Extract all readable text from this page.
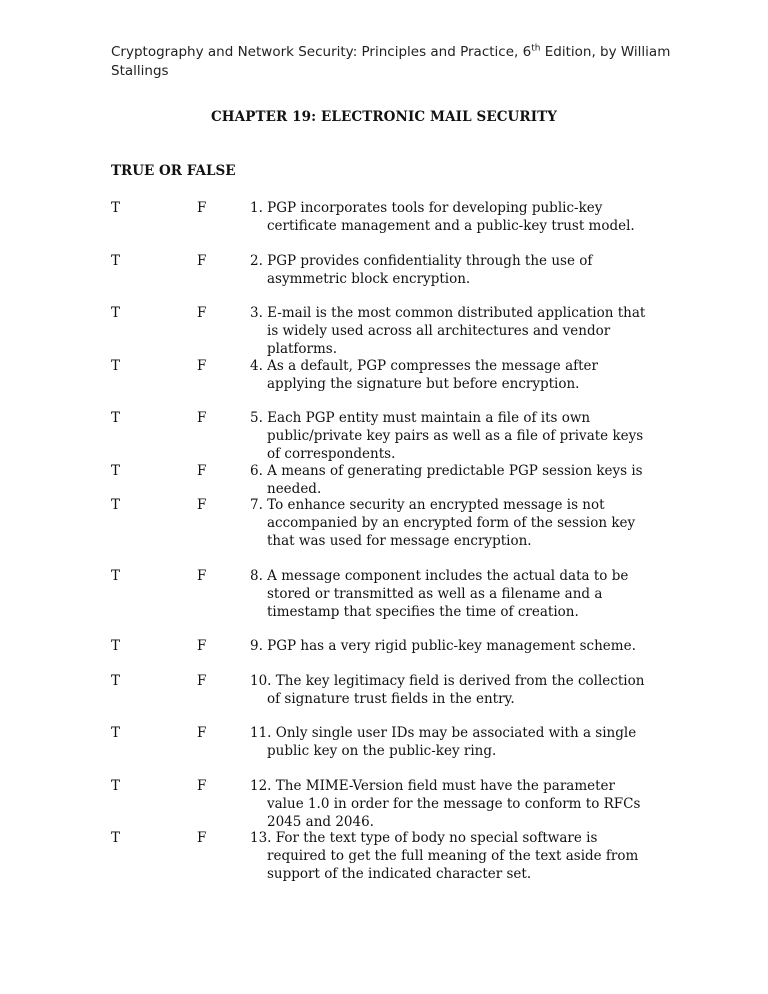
Cryptography and Network Security: Principles and Practice, 6th Edition, by William Stallings
CHAPTER 19: ELECTRONIC MAIL SECURITY
TRUE OR FALSE
T	F	1. PGP incorporates tools for developing public-key certificate management and a public-key trust model.
T	F	2. PGP provides confidentiality through the use of asymmetric block encryption.
T	F	3. E-mail is the most common distributed application that is widely used across all architectures and vendor platforms.
T	F	4. As a default, PGP compresses the message after applying the signature but before encryption.
T	F	5. Each PGP entity must maintain a file of its own public/private key pairs as well as a file of private keys of correspondents.
T	F	6. A means of generating predictable PGP session keys is needed.
T	F	7. To enhance security an encrypted message is not accompanied by an encrypted form of the session key that was used for message encryption.
T	F	8. A message component includes the actual data to be stored or transmitted as well as a filename and a timestamp that specifies the time of creation.
T	F	9. PGP has a very rigid public-key management scheme.
T	F	10. The key legitimacy field is derived from the collection of signature trust fields in the entry.
T	F	11. Only single user IDs may be associated with a single public key on the public-key ring.
T	F	12. The MIME-Version field must have the parameter value 1.0 in order for the message to conform to RFCs 2045 and 2046.
T	F	13. For the text type of body no special software is required to get the full meaning of the text aside from support of the indicated character set.
